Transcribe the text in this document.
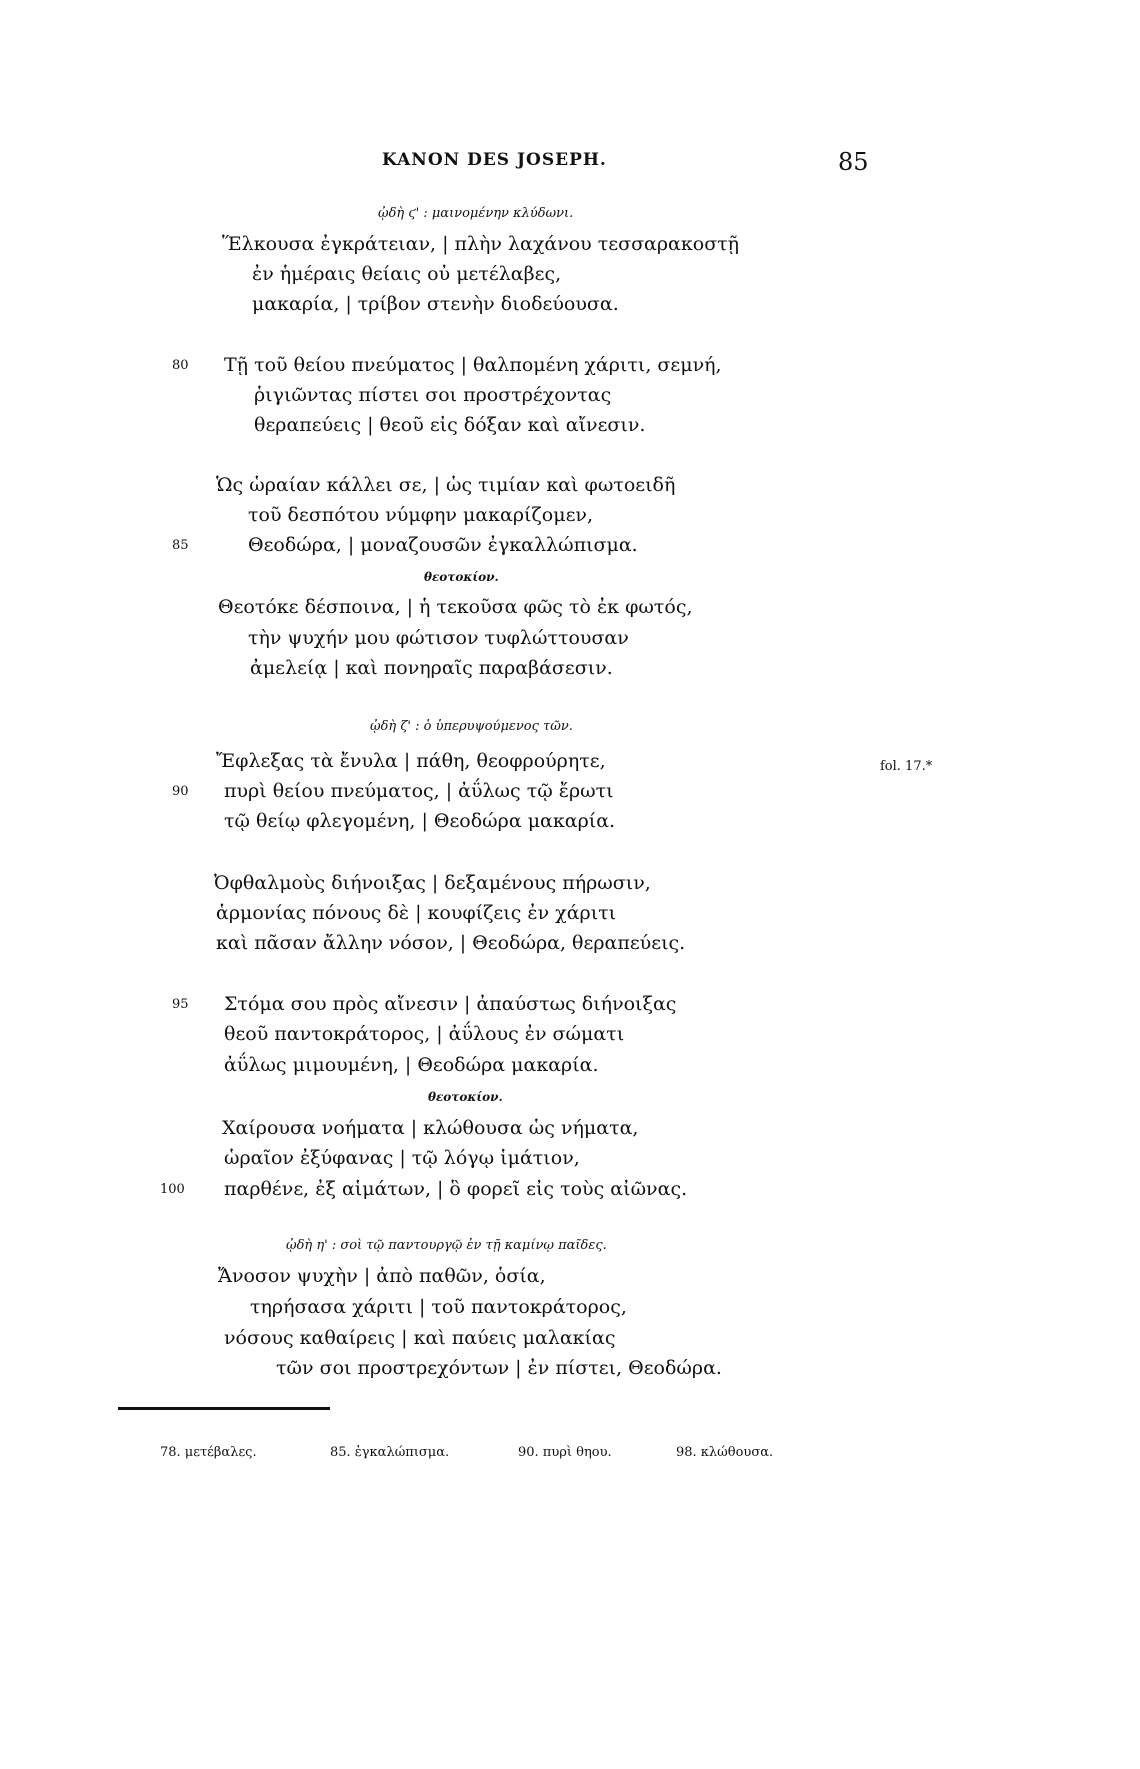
KANON DES JOSEPH.	85
fol. 17.*
ᾠδὴ ϛ' : μαινομένην κλύδωνι.
Ἕλκουσα ἐγκράτειαν, | πλὴν λαχάνου τεσσαρακοστῇ
ἐν ἡμέραις θείαις οὐ μετέλαβες,
μακαρία, | τρίβον στενὴν διοδεύουσα.
Τῇ τοῦ θείου πνεύματος | θαλπομένη χάριτι, σεμνή,
80
ῥιγιῶντας πίστει σοι προστρέχοντας
θεραπεύεις | θεοῦ εἰς δόξαν καὶ αἴνεσιν.
Ὡς ὡραίαν κάλλει σε, | ὡς τιμίαν καὶ φωτοειδῆ
τοῦ δεσπότου νύμφην μακαρίζομεν,
Θεοδώρα, | μοναζουσῶν ἐγκαλλώπισμα.
85
θεοτοκίον.
Θεοτόκε δέσποινα, | ἡ τεκοῦσα φῶς τὸ ἐκ φωτός,
τὴν ψυχήν μου φώτισον τυφλώττουσαν
ἀμελείᾳ | καὶ πονηραῖς παραβάσεσιν.
ᾠδὴ ζ' : ὁ ὑπερυψούμενος τῶν.
Ἔφλεξας τὰ ἔνυλα | πάθη, θεοφρούρητε,
πυρὶ θείου πνεύματος, | ἀΰλως τῷ ἔρωτι
90
τῷ θείῳ φλεγομένη, | Θεοδώρα μακαρία.
Ὀφθαλμοὺς διήνοιξας | δεξαμένους πήρωσιν,
ἁρμονίας πόνους δὲ | κουφίζεις ἐν χάριτι
καὶ πᾶσαν ἄλλην νόσον, | Θεοδώρα, θεραπεύεις.
Στόμα σου πρὸς αἴνεσιν | ἀπαύστως διήνοιξας
95
θεοῦ παντοκράτορος, | ἀΰλους ἐν σώματι
ἀΰλως μιμουμένη, | Θεοδώρα μακαρία.
θεοτοκίον.
Χαίρουσα νοήματα | κλώθουσα ὡς νήματα,
ὡραῖον ἐξύφανας | τῷ λόγῳ ἱμάτιον,
παρθένε, ἐξ αἱμάτων, | ὃ φορεῖ εἰς τοὺς αἰῶνας.
100
ᾠδὴ η' : σοὶ τῷ παντουργῷ ἐν τῇ καμίνῳ παῖδες.
Ἄνοσον ψυχὴν | ἀπὸ παθῶν, ὁσία,
τηρήσασα χάριτι | τοῦ παντοκράτορος,
νόσους καθαίρεις | καὶ παύεις μαλακίας
τῶν σοι προστρεχόντων | ἐν πίστει, Θεοδώρα.
78. μετέβαλες.	85. ἐγκαλώπισμα.	90. πυρὶ θηου.	98. κλώθουσα.
